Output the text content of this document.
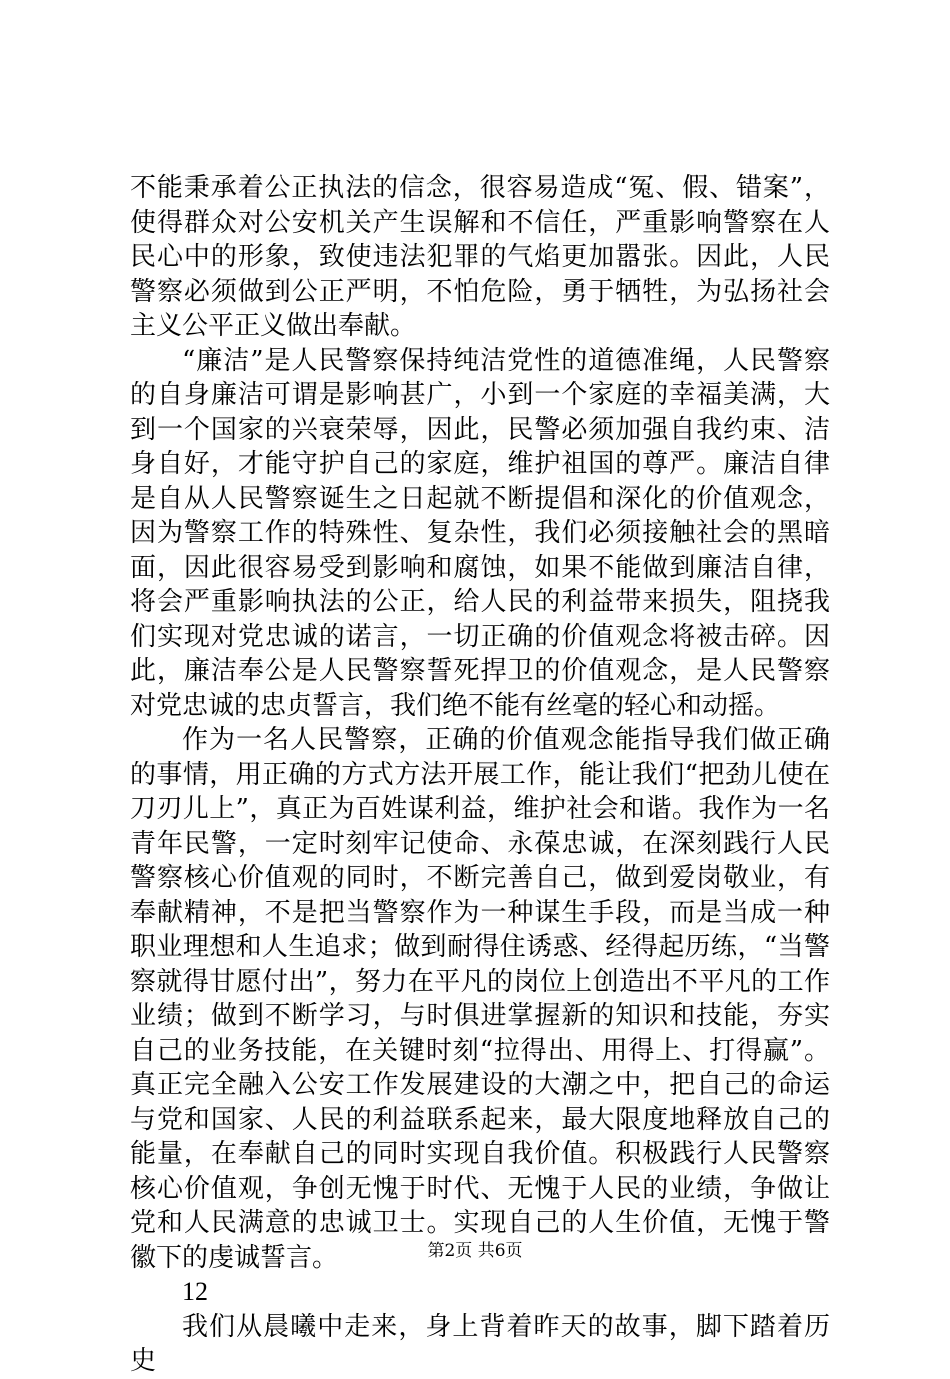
不能秉承着公正执法的信念，很容易造成“冤、假、错案”，使得群众对公安机关产生误解和不信任，严重影响警察在人民心中的形象，致使违法犯罪的气焰更加嚣张。因此，人民警察必须做到公正严明，不怕危险，勇于牺牲，为弘扬社会主义公平正义做出奉献。

“廉洁”是人民警察保持纯洁党性的道德准绳，人民警察的自身廉洁可谓是影响甚广，小到一个家庭的幸福美满，大到一个国家的兴衰荣辱，因此，民警必须加强自我约束、洁身自好，才能守护自己的家庭，维护祖国的尊严。廉洁自律是自从人民警察诞生之日起就不断提倡和深化的价值观念，因为警察工作的特殊性、复杂性，我们必须接触社会的黑暗面，因此很容易受到影响和腐蚀，如果不能做到廉洁自律，将会严重影响执法的公正，给人民的利益带来损失，阻挠我们实现对党忠诚的诺言，一切正确的价值观念将被击碎。因此，廉洁奉公是人民警察誓死捍卫的价值观念，是人民警察对党忠诚的忠贞誓言，我们绝不能有丝毫的轻心和动摇。

作为一名人民警察，正确的价值观念能指导我们做正确的事情，用正确的方式方法开展工作，能让我们“把劲儿使在刀刃儿上”，真正为百姓谋利益，维护社会和谐。我作为一名青年民警，一定时刻牢记使命、永葆忠诚，在深刻践行人民警察核心价值观的同时，不断完善自己，做到爱岗敬业，有奉献精神，不是把当警察作为一种谋生手段，而是当成一种职业理想和人生追求；做到耐得住诱惑、经得起历练，“当警察就得甘愿付出”，努力在平凡的岗位上创造出不平凡的工作业绩；做到不断学习，与时俱进掌握新的知识和技能，夯实自己的业务技能，在关键时刻“拉得出、用得上、打得赢”。真正完全融入公安工作发展建设的大潮之中，把自己的命运与党和国家、人民的利益联系起来，最大限度地释放自己的能量，在奉献自己的同时实现自我价值。积极践行人民警察核心价值观，争创无愧于时代、无愧于人民的业绩，争做让党和人民满意的忠诚卫士。实现自己的人生价值，无愧于警徽下的虔诚誓言。

12

我们从晨曦中走来，身上背着昨天的故事，脚下踏着历史

第2页 共6页
